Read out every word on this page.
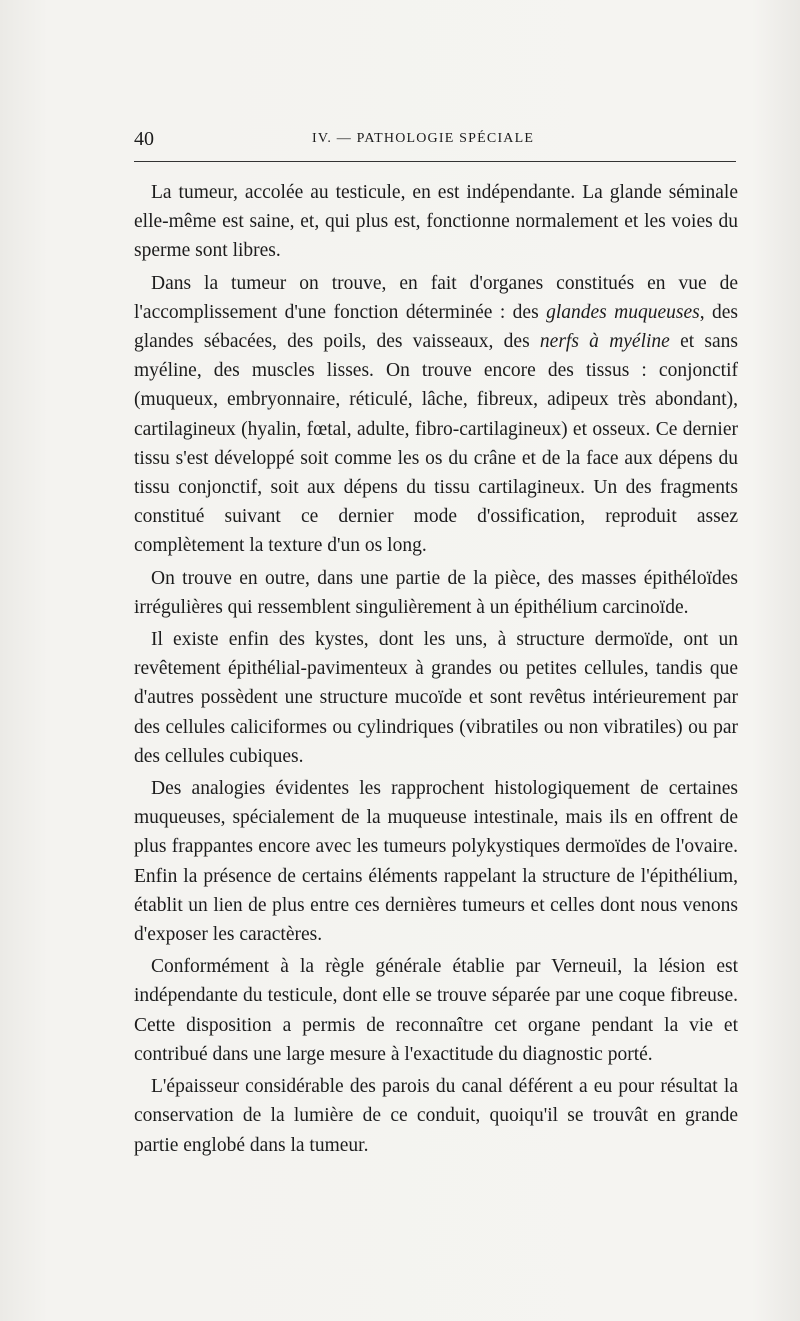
40	IV. — PATHOLOGIE SPÉCIALE

La tumeur, accolée au testicule, en est indépendante. La glande séminale elle-même est saine, et, qui plus est, fonctionne normalement et les voies du sperme sont libres.

Dans la tumeur on trouve, en fait d'organes constitués en vue de l'accomplissement d'une fonction déterminée : des glandes muqueuses, des glandes sébacées, des poils, des vaisseaux, des nerfs à myéline et sans myéline, des muscles lisses. On trouve encore des tissus : conjonctif (muqueux, embryonnaire, réticulé, lâche, fibreux, adipeux très abondant), cartilagineux (hyalin, fœtal, adulte, fibro-cartilagineux) et osseux. Ce dernier tissu s'est développé soit comme les os du crâne et de la face aux dépens du tissu conjonctif, soit aux dépens du tissu cartilagineux. Un des fragments constitué suivant ce dernier mode d'ossification, reproduit assez complètement la texture d'un os long.

On trouve en outre, dans une partie de la pièce, des masses épithéloïdes irrégulières qui ressemblent singulièrement à un épithélium carcinoïde.

Il existe enfin des kystes, dont les uns, à structure dermoïde, ont un revêtement épithélial-pavimenteux à grandes ou petites cellules, tandis que d'autres possèdent une structure mucoïde et sont revêtus intérieurement par des cellules caliciformes ou cylindriques (vibratiles ou non vibratiles) ou par des cellules cubiques.

Des analogies évidentes les rapprochent histologiquement de certaines muqueuses, spécialement de la muqueuse intestinale, mais ils en offrent de plus frappantes encore avec les tumeurs polykystiques dermoïdes de l'ovaire. Enfin la présence de certains éléments rappelant la structure de l'épithélium, établit un lien de plus entre ces dernières tumeurs et celles dont nous venons d'exposer les caractères.

Conformément à la règle générale établie par Verneuil, la lésion est indépendante du testicule, dont elle se trouve séparée par une coque fibreuse. Cette disposition a permis de reconnaître cet organe pendant la vie et contribué dans une large mesure à l'exactitude du diagnostic porté.

L'épaisseur considérable des parois du canal déférent a eu pour résultat la conservation de la lumière de ce conduit, quoiqu'il se trouvât en grande partie englobé dans la tumeur.
